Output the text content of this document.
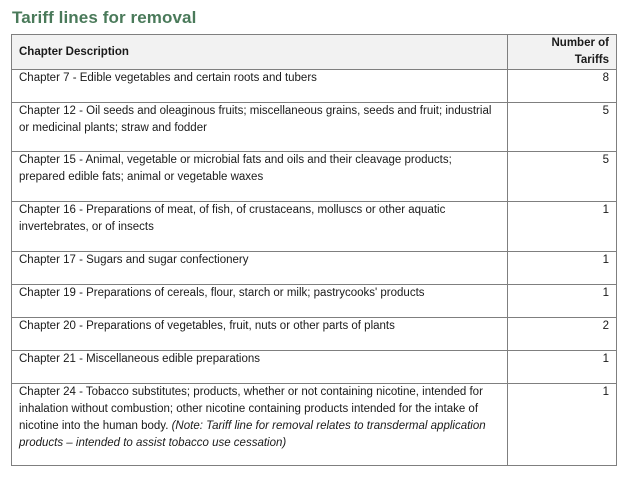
Tariff lines for removal
Chapter Description	Number of Tariffs
Chapter 7 - Edible vegetables and certain roots and tubers	8
Chapter 12 - Oil seeds and oleaginous fruits; miscellaneous grains, seeds and fruit; industrial or medicinal plants; straw and fodder	5
Chapter 15 - Animal, vegetable or microbial fats and oils and their cleavage products; prepared edible fats; animal or vegetable waxes	5
Chapter 16 - Preparations of meat, of fish, of crustaceans, molluscs or other aquatic invertebrates, or of insects	1
Chapter 17 - Sugars and sugar confectionery	1
Chapter 19 - Preparations of cereals, flour, starch or milk; pastrycooks' products	1
Chapter 20 - Preparations of vegetables, fruit, nuts or other parts of plants	2
Chapter 21 - Miscellaneous edible preparations	1
Chapter 24 - Tobacco substitutes; products, whether or not containing nicotine, intended for inhalation without combustion; other nicotine containing products intended for the intake of nicotine into the human body. (Note: Tariff line for removal relates to transdermal application products – intended to assist tobacco use cessation)	1
